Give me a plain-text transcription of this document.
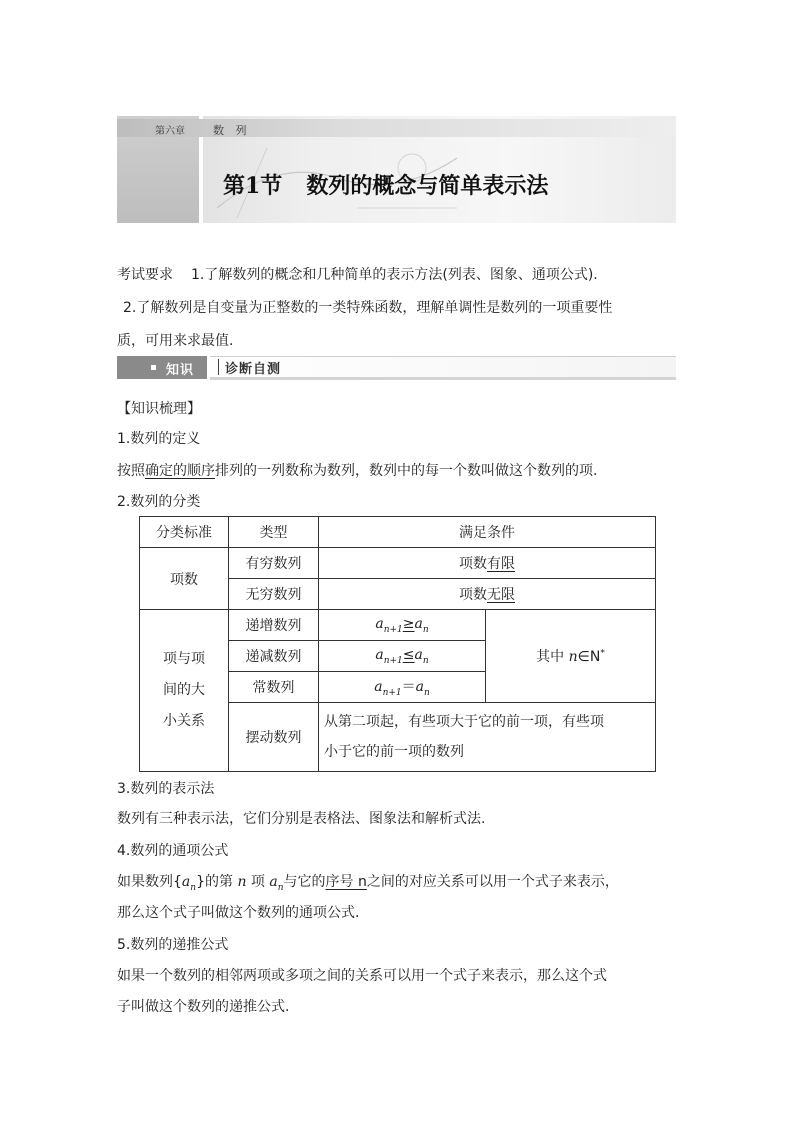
第六章	数 列
第1节 数列的概念与简单表示法

考试要求 1.了解数列的概念和几种简单的表示方法(列表、图象、通项公式).

2.了解数列是自变量为正整数的一类特殊函数，理解单调性是数列的一项重要性

质，可用来求最值.

知识 诊断自测
【知识梳理】
1.数列的定义
按照确定的顺序排列的一列数称为数列，数列中的每一个数叫做这个数列的项.
2.数列的分类
分类标准	类型	满足条件	
项数	有穷数列	项数有限	
	无穷数列	项数无限	
项与项
间的大
小关系	递增数列	$a_{n+1}\ge a_n$	其中 n∈N*
	递减数列	$a_{n+1}\le a_n$
	常数列	$a_{n+1}=a_n$
	摆动数列	从第二项起，有些项大于它的前一项，有些项
小于它的前一项的数列	
3.数列的表示法
数列有三种表示法，它们分别是表格法、图象法和解析式法.
4.数列的通项公式
如果数列$\{a_n\}$的第 n 项 $a_n$与它的序号 n之间的对应关系可以用一个式子来表示，
那么这个式子叫做这个数列的通项公式.
5.数列的递推公式
如果一个数列的相邻两项或多项之间的关系可以用一个式子来表示，那么这个式
子叫做这个数列的递推公式.
